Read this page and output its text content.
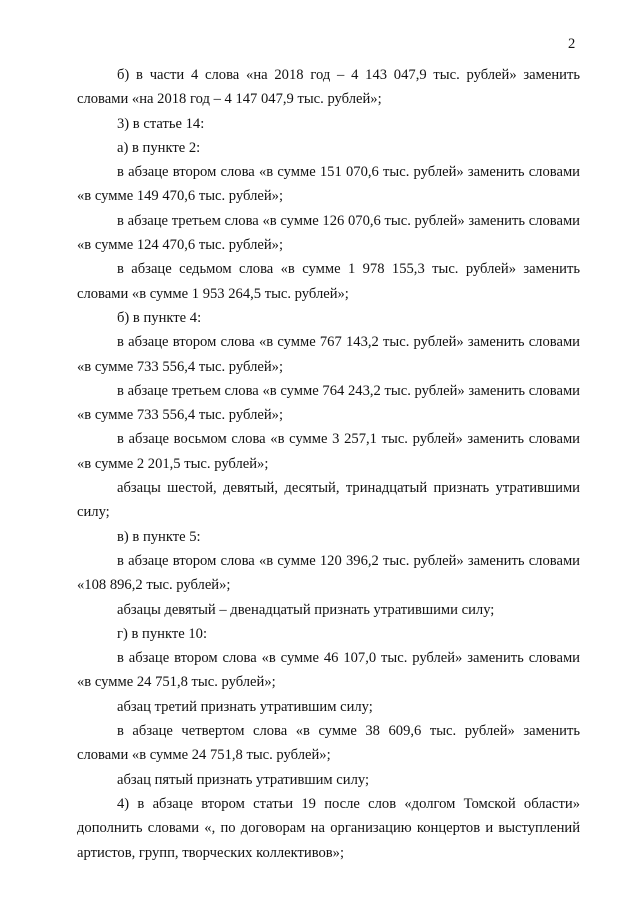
2

б) в части 4 слова «на 2018 год – 4 143 047,9 тыс. рублей» заменить словами «на 2018 год – 4 147 047,9 тыс. рублей»;

3) в статье 14:

а) в пункте 2:

в абзаце втором слова «в сумме 151 070,6 тыс. рублей» заменить словами «в сумме 149 470,6 тыс. рублей»;

в абзаце третьем слова «в сумме 126 070,6 тыс. рублей» заменить словами «в сумме 124 470,6 тыс. рублей»;

в абзаце седьмом слова «в сумме 1 978 155,3 тыс. рублей» заменить словами «в сумме 1 953 264,5 тыс. рублей»;

б) в пункте 4:

в абзаце втором слова «в сумме 767 143,2 тыс. рублей» заменить словами «в сумме 733 556,4 тыс. рублей»;

в абзаце третьем слова «в сумме 764 243,2 тыс. рублей» заменить словами «в сумме 733 556,4 тыс. рублей»;

в абзаце восьмом слова «в сумме 3 257,1 тыс. рублей» заменить словами «в сумме 2 201,5 тыс. рублей»;

абзацы шестой, девятый, десятый, тринадцатый признать утратившими силу;

в) в пункте 5:

в абзаце втором слова «в сумме 120 396,2 тыс. рублей» заменить словами «108 896,2 тыс. рублей»;

абзацы девятый – двенадцатый признать утратившими силу;

г) в пункте 10:

в абзаце втором слова «в сумме 46 107,0 тыс. рублей» заменить словами «в сумме 24 751,8 тыс. рублей»;

абзац третий признать утратившим силу;

в абзаце четвертом слова «в сумме 38 609,6 тыс. рублей» заменить словами «в сумме 24 751,8 тыс. рублей»;

абзац пятый признать утратившим силу;

4) в абзаце втором статьи 19 после слов «долгом Томской области» дополнить словами «, по договорам на организацию концертов и выступлений артистов, групп, творческих коллективов»;
